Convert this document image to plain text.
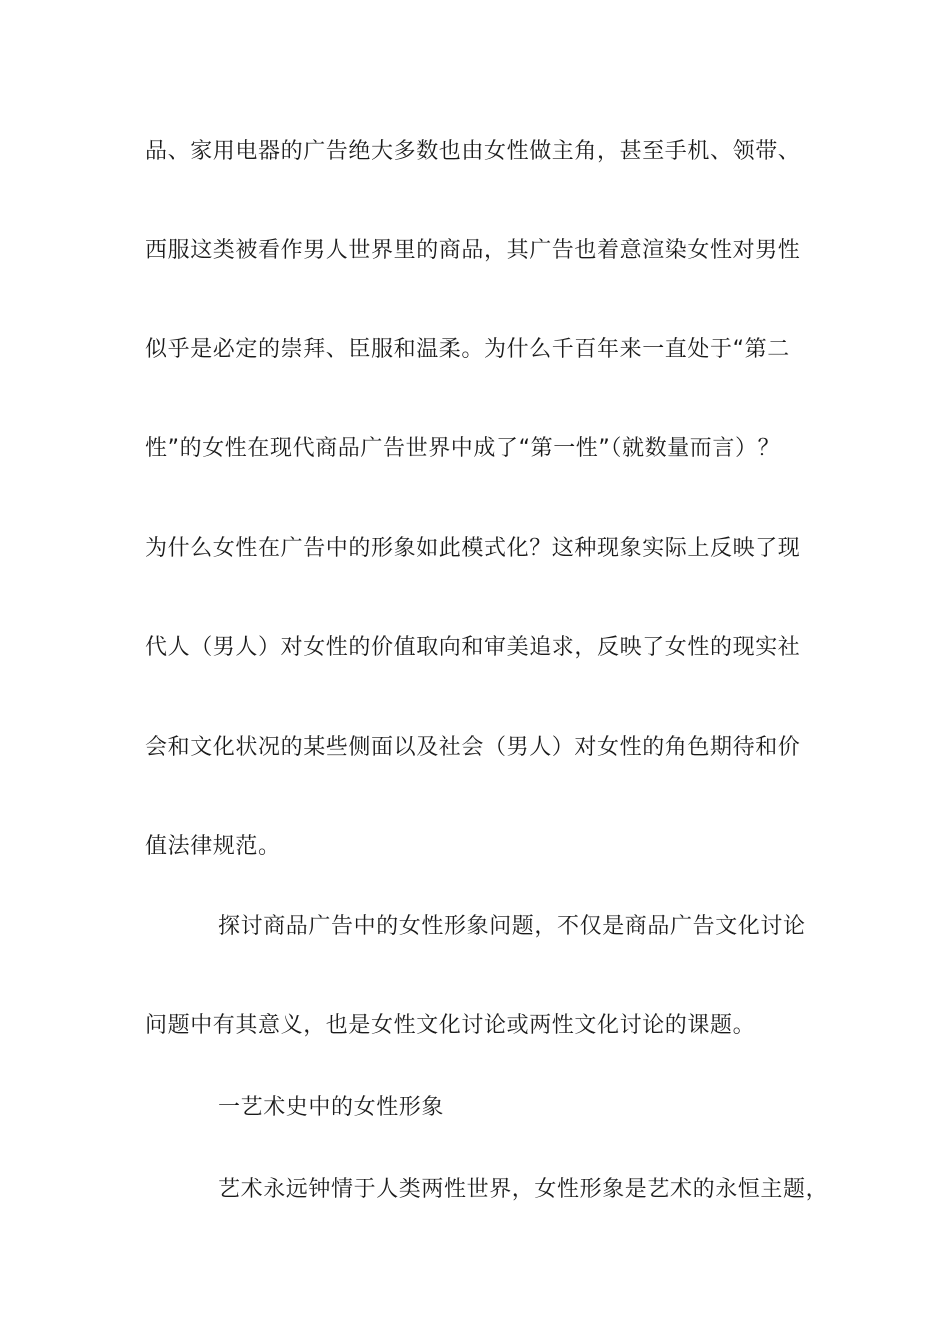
品、家用电器的广告绝大多数也由女性做主角，甚至手机、领带、
西服这类被看作男人世界里的商品，其广告也着意渲染女性对男性
似乎是必定的崇拜、臣服和温柔。为什么千百年来一直处于“第二
性”的女性在现代商品广告世界中成了“第一性”（就数量而言）？
为什么女性在广告中的形象如此模式化？这种现象实际上反映了现
代人（男人）对女性的价值取向和审美追求，反映了女性的现实社
会和文化状况的某些侧面以及社会（男人）对女性的角色期待和价
值法律规范。
探讨商品广告中的女性形象问题，不仅是商品广告文化讨论
问题中有其意义，也是女性文化讨论或两性文化讨论的课题。
一艺术史中的女性形象
艺术永远钟情于人类两性世界，女性形象是艺术的永恒主题，
